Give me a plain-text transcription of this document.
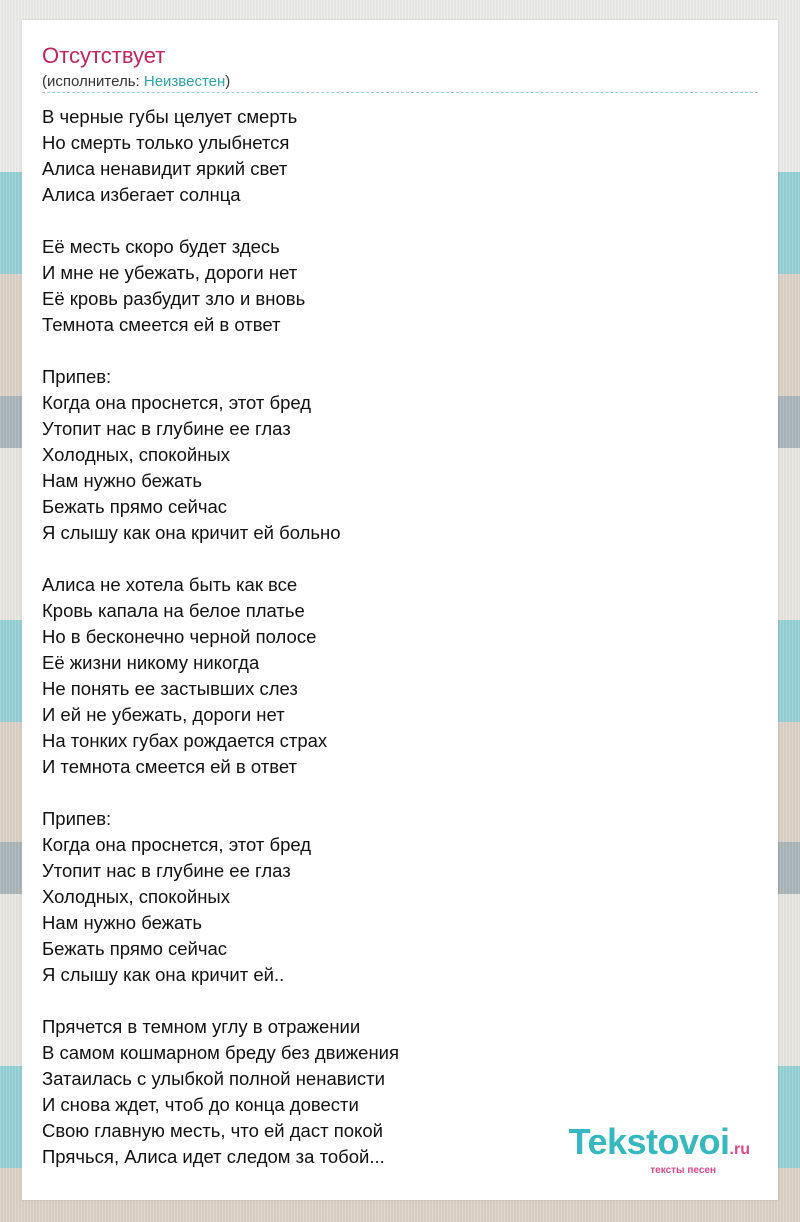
Отсутствует
(исполнитель: Неизвестен)
В черные губы целует смерть
Но смерть только улыбнется
Алиса ненавидит яркий свет
Алиса избегает солнца

Её месть скоро будет здесь
И мне не убежать, дороги нет
Её кровь разбудит зло и вновь
Темнота смеется ей в ответ

Припев:
Когда она проснется, этот бред
Утопит нас в глубине ее глаз
Холодных, спокойных
Нам нужно бежать
Бежать прямо сейчас
Я слышу как она кричит ей больно

Алиса не хотела быть как все
Кровь капала на белое платье
Но в бесконечно черной полосе
Её жизни никому никогда
Не понять ее застывших слез
И ей не убежать, дороги нет
На тонких губах рождается страх
И темнота смеется ей в ответ

Припев:
Когда она проснется, этот бред
Утопит нас в глубине ее глаз
Холодных, спокойных
Нам нужно бежать
Бежать прямо сейчас
Я слышу как она кричит ей..

Прячется в темном углу в отражении
В самом кошмарном бреду без движения
Затаилась с улыбкой полной ненависти
И снова ждет, чтоб до конца довести
Свою главную месть, что ей даст покой
Прячься, Алиса идет следом за тобой...	Tekstovoi.ru
тексты песен
